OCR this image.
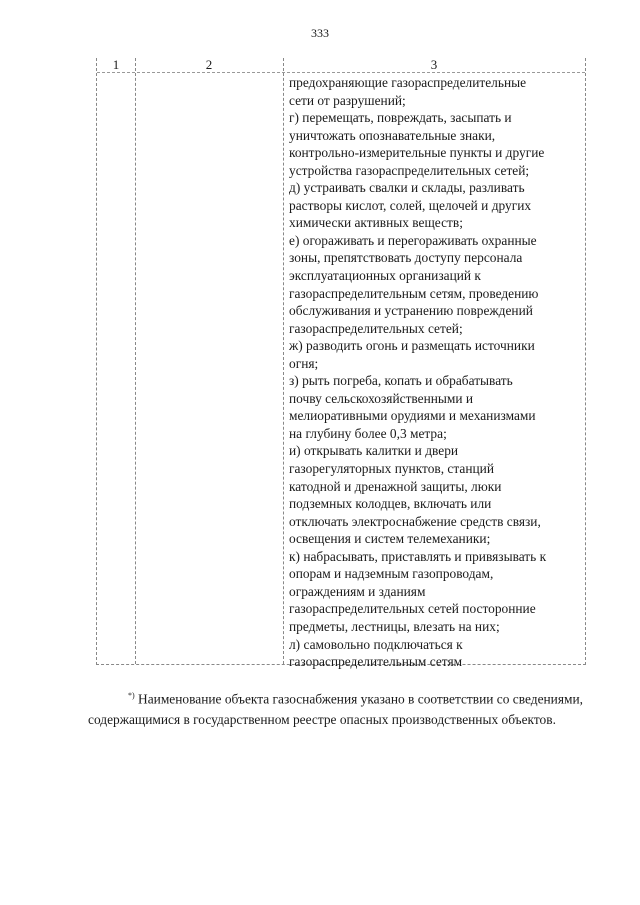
333
1	2	3
предохраняющие газораспределительные
сети от разрушений;
г) перемещать, повреждать, засыпать и
уничтожать опознавательные знаки,
контрольно-измерительные пункты и другие
устройства газораспределительных сетей;
д) устраивать свалки и склады, разливать
растворы кислот, солей, щелочей и других
химически активных веществ;
е) огораживать и перегораживать охранные
зоны, препятствовать доступу персонала
эксплуатационных организаций к
газораспределительным сетям, проведению
обслуживания и устранению повреждений
газораспределительных сетей;
ж) разводить огонь и размещать источники
огня;
з) рыть погреба, копать и обрабатывать
почву сельскохозяйственными и
мелиоративными орудиями и механизмами
на глубину более 0,3 метра;
и) открывать калитки и двери
газорегуляторных пунктов, станций
катодной и дренажной защиты, люки
подземных колодцев, включать или
отключать электроснабжение средств связи,
освещения и систем телемеханики;
к) набрасывать, приставлять и привязывать к
опорам и надземным газопроводам,
ограждениям и зданиям
газораспределительных сетей посторонние
предметы, лестницы, влезать на них;
л) самовольно подключаться к
газораспределительным сетям
*) Наименование объекта газоснабжения указано в соответствии со сведениями, содержащимися в государственном реестре опасных производственных объектов.
